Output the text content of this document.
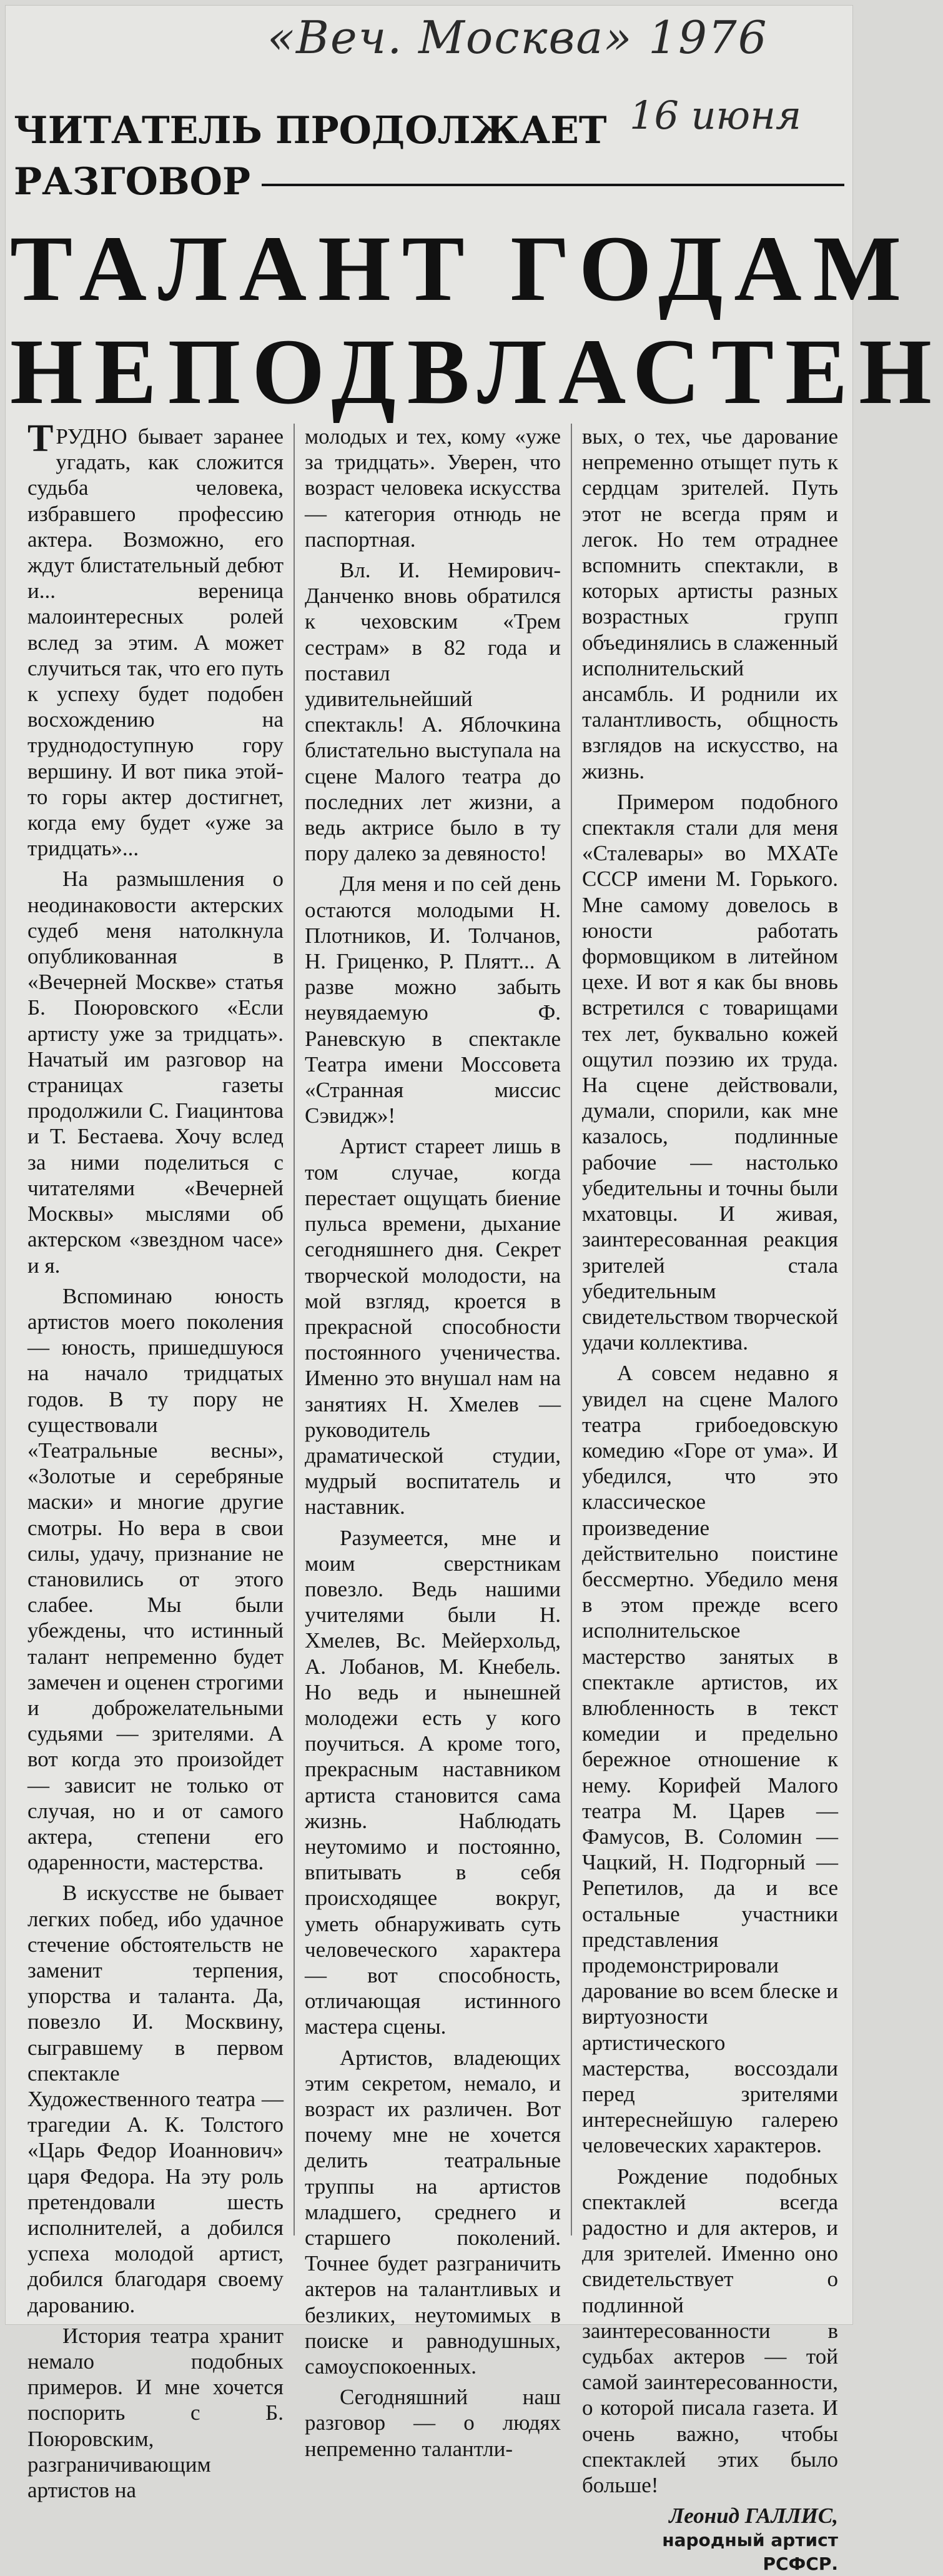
«Веч. Москва» 1976
16 июня
ЧИТАТЕЛЬ ПРОДОЛЖАЕТ
РАЗГОВОР
ТАЛАНТ ГОДАМ
НЕПОДВЛАСТЕН

ТРУДНО бывает заранее угадать, как сложится судьба человека, избравшего профессию актера. Возможно, его ждут блистательный дебют и... вереница малоинтересных ролей вслед за этим. А может случиться так, что его путь к успеху будет подобен восхождению на труднодоступную гору вершину. И вот пика этой-то горы актер достигнет, когда ему будет «уже за тридцать»...

На размышления о неодинаковости актерских судеб меня натолкнула опубликованная в «Вечерней Москве» статья Б. Поюровского «Если артисту уже за тридцать». Начатый им разговор на страницах газеты продолжили С. Гиацинтова и Т. Бестаева. Хочу вслед за ними поделиться с читателями «Вечерней Москвы» мыслями об актерском «звездном часе» и я.

Вспоминаю юность артистов моего поколения — юность, пришедшуюся на начало тридцатых годов. В ту пору не существовали «Театральные весны», «Золотые и серебряные маски» и многие другие смотры. Но вера в свои силы, удачу, признание не становились от этого слабее. Мы были убеждены, что истинный талант непременно будет замечен и оценен строгими и доброжелательными судьями — зрителями. А вот когда это произойдет — зависит не только от случая, но и от самого актера, степени его одаренности, мастерства.

В искусстве не бывает легких побед, ибо удачное стечение обстоятельств не заменит терпения, упорства и таланта. Да, повезло И. Москвину, сыгравшему в первом спектакле Художественного театра — трагедии А. К. Толстого «Царь Федор Иоаннович» царя Федора. На эту роль претендовали шесть исполнителей, а добился успеха молодой артист, добился благодаря своему дарованию.

История театра хранит немало подобных примеров. И мне хочется поспорить с Б. Поюровским, разграничивающим артистов на

молодых и тех, кому «уже за тридцать». Уверен, что возраст человека искусства — категория отнюдь не паспортная.

Вл. И. Немирович-Данченко вновь обратился к чеховским «Трем сестрам» в 82 года и поставил удивительнейший спектакль! А. Яблочкина блистательно выступала на сцене Малого театра до последних лет жизни, а ведь актрисе было в ту пору далеко за девяносто!

Для меня и по сей день остаются молодыми Н. Плотников, И. Толчанов, Н. Гриценко, Р. Плятт... А разве можно забыть неувядаемую Ф. Раневскую в спектакле Театра имени Моссовета «Странная миссис Сэвидж»!

Артист стареет лишь в том случае, когда перестает ощущать биение пульса времени, дыхание сегодняшнего дня. Секрет творческой молодости, на мой взгляд, кроется в прекрасной способности постоянного ученичества. Именно это внушал нам на занятиях Н. Хмелев — руководитель драматической студии, мудрый воспитатель и наставник.

Разумеется, мне и моим сверстникам повезло. Ведь нашими учителями были Н. Хмелев, Вс. Мейерхольд, А. Лобанов, М. Кнебель. Но ведь и нынешней молодежи есть у кого поучиться. А кроме того, прекрасным наставником артиста становится сама жизнь. Наблюдать неутомимо и постоянно, впитывать в себя происходящее вокруг, уметь обнаруживать суть человеческого характера — вот способность, отличающая истинного мастера сцены.

Артистов, владеющих этим секретом, немало, и возраст их различен. Вот почему мне не хочется делить театральные труппы на артистов младшего, среднего и старшего поколений. Точнее будет разграничить актеров на талантливых и безликих, неутомимых в поиске и равнодушных, самоуспокоенных.

Сегодняшний наш разговор — о людях непременно талантли-

вых, о тех, чье дарование непременно отыщет путь к сердцам зрителей. Путь этот не всегда прям и легок. Но тем отраднее вспомнить спектакли, в которых артисты разных возрастных групп объединялись в слаженный исполнительский ансамбль. И роднили их талантливость, общность взглядов на искусство, на жизнь.

Примером подобного спектакля стали для меня «Сталевары» во МХАТе СССР имени М. Горького. Мне самому довелось в юности работать формовщиком в литейном цехе. И вот я как бы вновь встретился с товарищами тех лет, буквально кожей ощутил поэзию их труда. На сцене действовали, думали, спорили, как мне казалось, подлинные рабочие — настолько убедительны и точны были мхатовцы. И живая, заинтересованная реакция зрителей стала убедительным свидетельством творческой удачи коллектива.

А совсем недавно я увидел на сцене Малого театра грибоедовскую комедию «Горе от ума». И убедился, что это классическое произведение действительно поистине бессмертно. Убедило меня в этом прежде всего исполнительское мастерство занятых в спектакле артистов, их влюбленность в текст комедии и предельно бережное отношение к нему. Корифей Малого театра М. Царев — Фамусов, В. Соломин — Чацкий, Н. Подгорный — Репетилов, да и все остальные участники представления продемонстрировали дарование во всем блеске и виртуозности артистического мастерства, воссоздали перед зрителями интереснейшую галерею человеческих характеров.

Рождение подобных спектаклей всегда радостно и для актеров, и для зрителей. Именно оно свидетельствует о подлинной заинтересованности в судьбах актеров — той самой заинтересованности, о которой писала газета. И очень важно, чтобы спектаклей этих было больше!

Леонид ГАЛЛИС,
народный артист
РСФСР.
